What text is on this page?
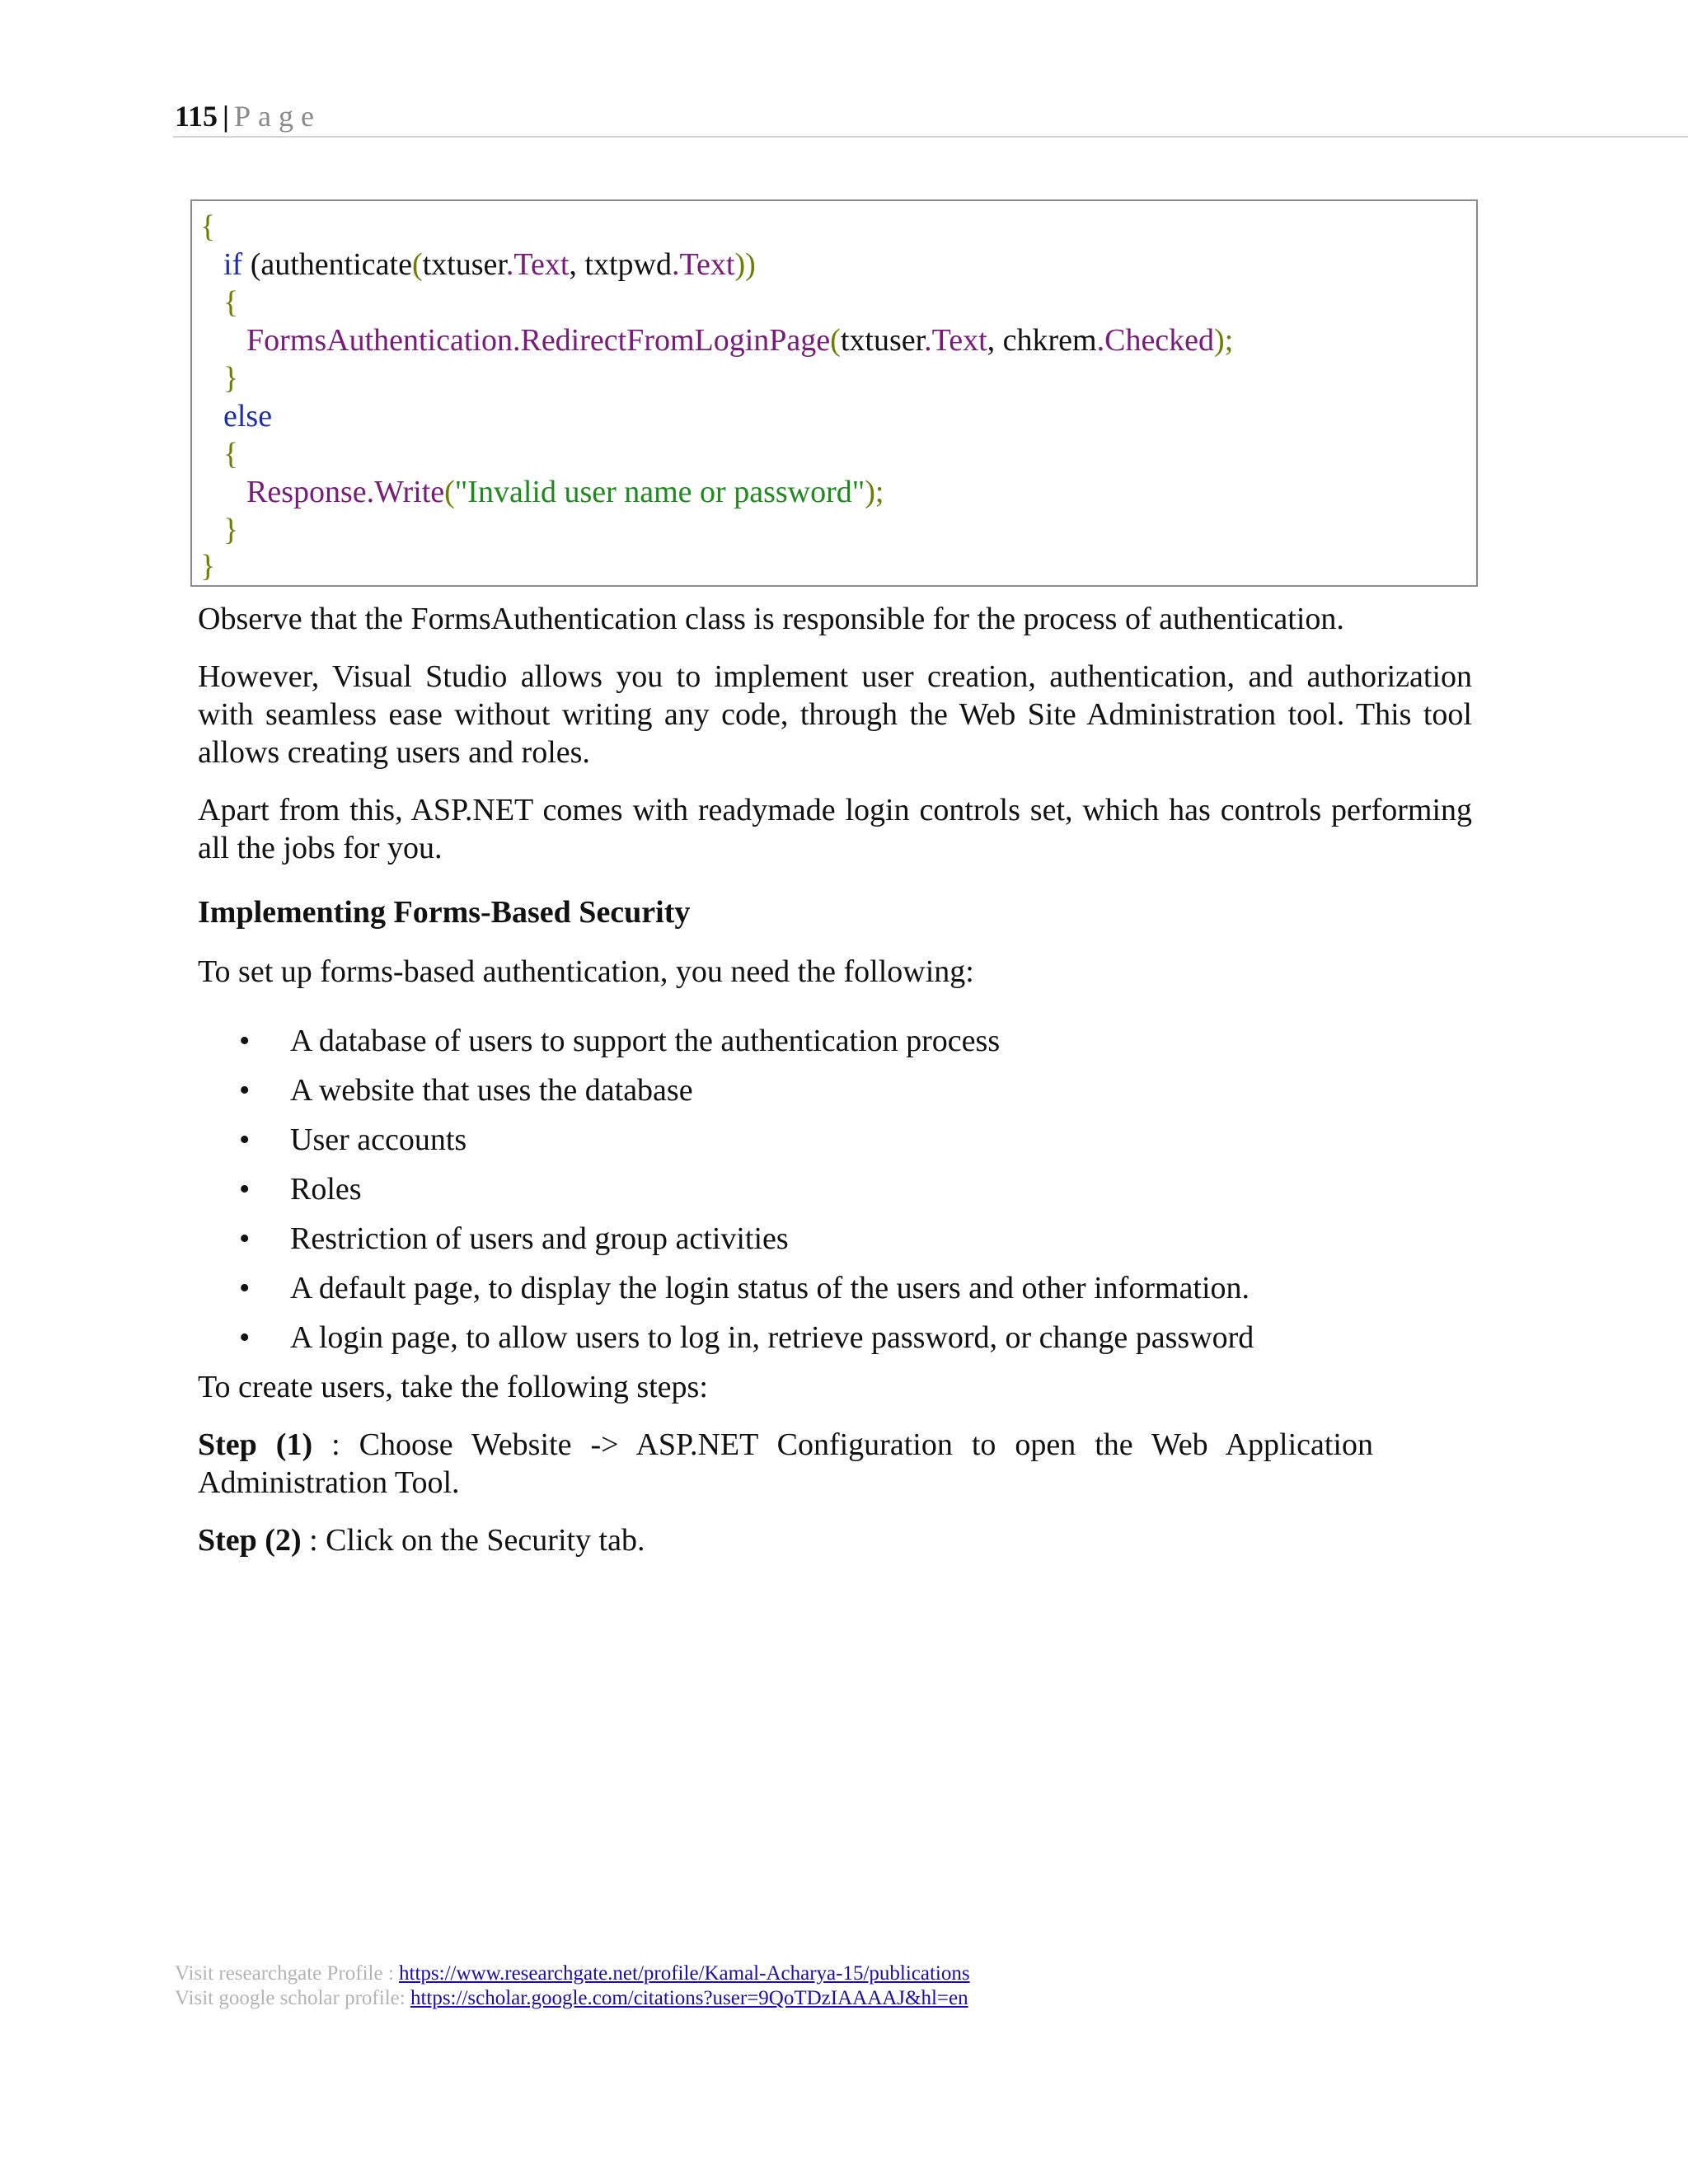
115 | Page
{
if (authenticate(txtuser.Text, txtpwd.Text))
{
FormsAuthentication.RedirectFromLoginPage(txtuser.Text, chkrem.Checked);
}
else
{
Response.Write("Invalid user name or password");
}
}

Observe that the FormsAuthentication class is responsible for the process of authentication.

However, Visual Studio allows you to implement user creation, authentication, and authorization with seamless ease without writing any code, through the Web Site Administration tool. This tool allows creating users and roles.

Apart from this, ASP.NET comes with readymade login controls set, which has controls performing all the jobs for you.

Implementing Forms-Based Security

To set up forms-based authentication, you need the following:

• A database of users to support the authentication process
• A website that uses the database
• User accounts
• Roles
• Restriction of users and group activities
• A default page, to display the login status of the users and other information.
• A login page, to allow users to log in, retrieve password, or change password

To create users, take the following steps:

Step (1) : Choose Website -> ASP.NET Configuration to open the Web Application Administration Tool.
Step (2) : Click on the Security tab.
Visit researchgate Profile : https://www.researchgate.net/profile/Kamal-Acharya-15/publications
Visit google scholar profile: https://scholar.google.com/citations?user=9QoTDzIAAAAJ&hl=en
